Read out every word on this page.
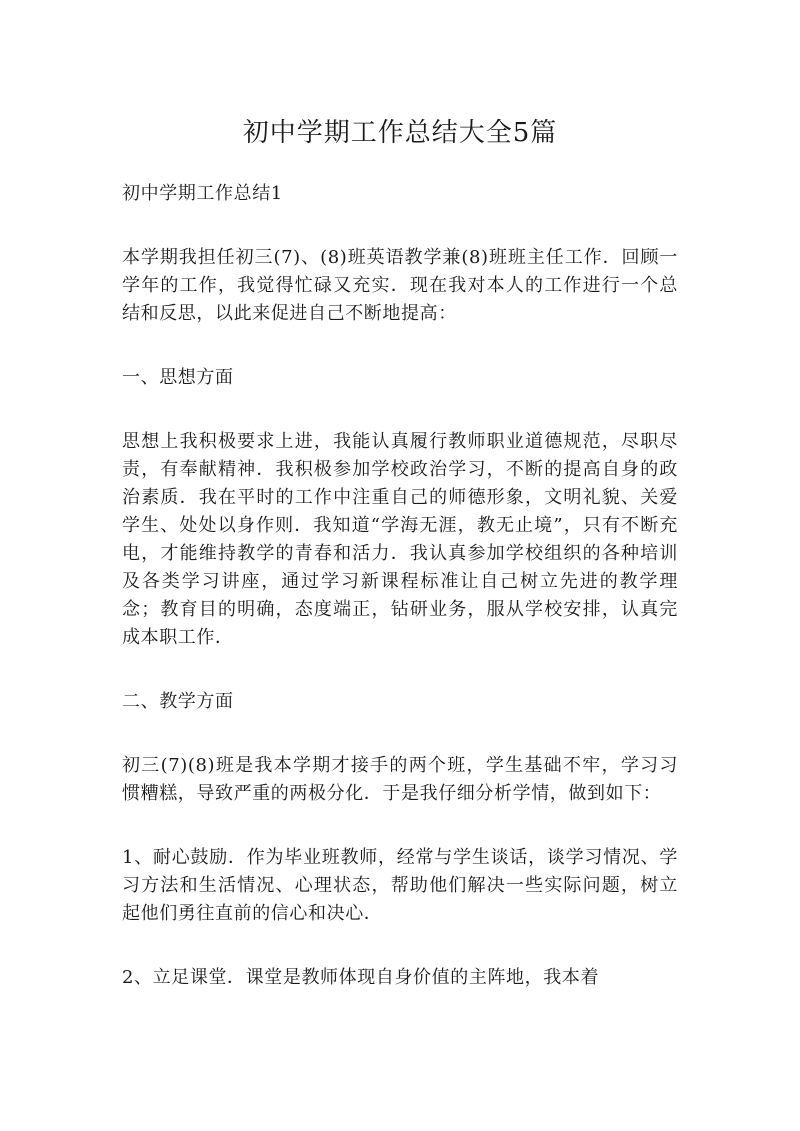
初中学期工作总结大全5篇

初中学期工作总结1

本学期我担任初三(7)、(8)班英语教学兼(8)班班主任工作．回顾一学年的工作，我觉得忙碌又充实．现在我对本人的工作进行一个总结和反思，以此来促进自己不断地提高：

一、思想方面

思想上我积极要求上进，我能认真履行教师职业道德规范，尽职尽责，有奉献精神．我积极参加学校政治学习，不断的提高自身的政治素质．我在平时的工作中注重自己的师德形象，文明礼貌、关爱学生、处处以身作则．我知道“学海无涯，教无止境”，只有不断充电，才能维持教学的青春和活力．我认真参加学校组织的各种培训及各类学习讲座，通过学习新课程标准让自己树立先进的教学理念；教育目的明确，态度端正，钻研业务，服从学校安排，认真完成本职工作．

二、教学方面

初三(7)(8)班是我本学期才接手的两个班，学生基础不牢，学习习惯糟糕，导致严重的两极分化．于是我仔细分析学情，做到如下：

1、耐心鼓励．作为毕业班教师，经常与学生谈话，谈学习情况、学习方法和生活情况、心理状态，帮助他们解决一些实际问题，树立起他们勇往直前的信心和决心．

2、立足课堂．课堂是教师体现自身价值的主阵地，我本着
